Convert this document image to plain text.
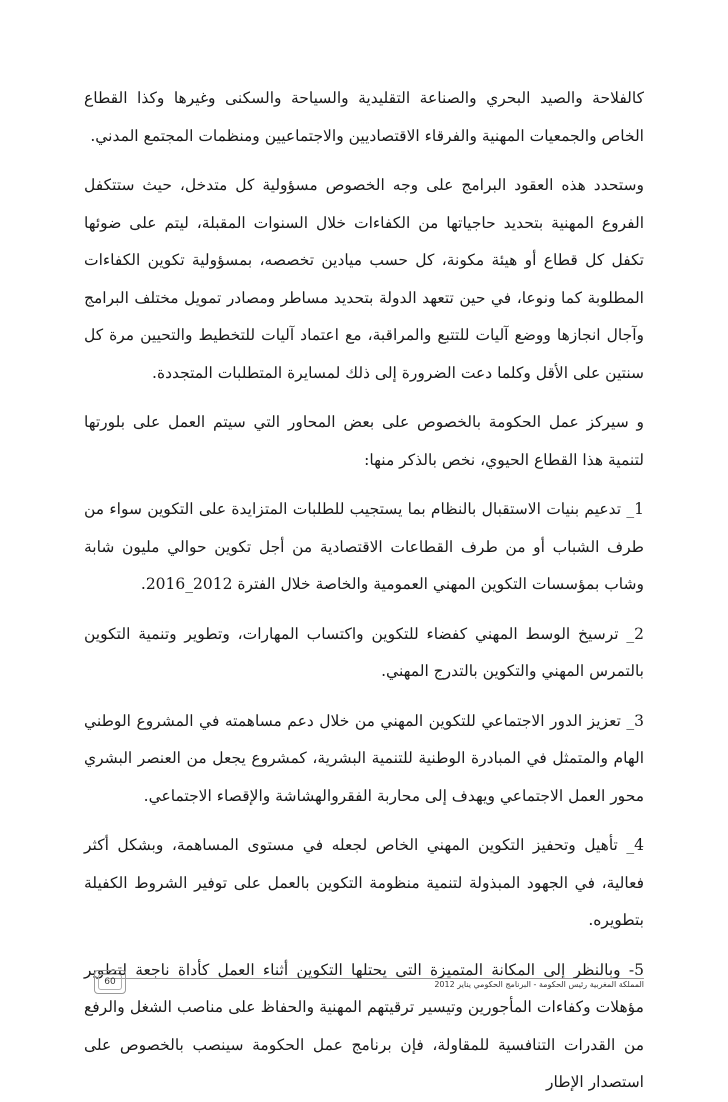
كالفلاحة والصيد البحري والصناعة التقليدية والسياحة والسكنى وغيرها وكذا القطاع الخاص والجمعيات المهنية والفرقاء الاقتصاديين والاجتماعيين ومنظمات المجتمع المدني.

وستحدد هذه العقود البرامج على وجه الخصوص مسؤولية كل متدخل، حيث ستتكفل الفروع المهنية بتحديد حاجياتها من الكفاءات خلال السنوات المقبلة، ليتم على ضوئها تكفل كل قطاع أو هيئة مكونة، كل حسب ميادين تخصصه، بمسؤولية تكوين الكفاءات المطلوبة كما ونوعا، في حين تتعهد الدولة بتحديد مساطر ومصادر تمويل مختلف البرامج وآجال انجازها ووضع آليات للتتبع والمراقبة، مع اعتماد آليات للتخطيط والتحيين مرة كل سنتين على الأقل وكلما دعت الضرورة إلى ذلك لمسايرة المتطلبات المتجددة.

و سيركز عمل الحكومة بالخصوص على بعض المحاور التي سيتم العمل على بلورتها لتنمية هذا القطاع الحيوي، نخص بالذكر منها:

1_ تدعيم بنيات الاستقبال بالنظام بما يستجيب للطلبات المتزايدة على التكوين سواء من طرف الشباب أو من طرف القطاعات الاقتصادية من أجل تكوين حوالي مليون شابة وشاب بمؤسسات التكوين المهني العمومية والخاصة خلال الفترة 2012_2016.

2_ ترسيخ الوسط المهني كفضاء للتكوين واكتساب المهارات، وتطوير وتنمية التكوين بالتمرس المهني والتكوين بالتدرج المهني.

3_ تعزيز الدور الاجتماعي للتكوين المهني من خلال دعم مساهمته في المشروع الوطني الهام والمتمثل في المبادرة الوطنية للتنمية البشرية، كمشروع يجعل من العنصر البشري محور العمل الاجتماعي ويهدف إلى محاربة الفقروالهشاشة والإقصاء الاجتماعي.

4_ تأهيل وتحفيز التكوين المهني الخاص لجعله في مستوى المساهمة، وبشكل أكثر فعالية، في الجهود المبذولة لتنمية منظومة التكوين بالعمل على توفير الشروط الكفيلة بتطويره.

5- وبالنظر إلى المكانة المتميزة التي يحتلها التكوين أثناء العمل كأداة ناجعة لتطوير مؤهلات وكفاءات المأجورين وتيسير ترقيتهم المهنية والحفاظ على مناصب الشغل والرفع من القدرات التنافسية للمقاولة، فإن برنامج عمل الحكومة سينصب بالخصوص على استصدار الإطار

المملكة المغربية رئيس الحكومة - البرنامج الحكومي يناير 2012
60
